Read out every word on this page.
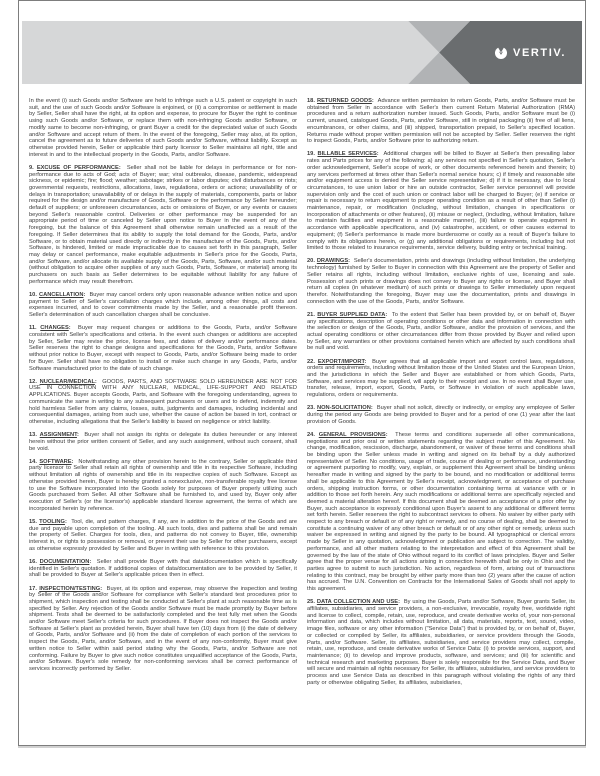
VERTIV.

In the event (i) such Goods and/or Software are held to infringe such a U.S. patent or copyright in such suit, and the use of such Goods and/or Software is enjoined, or (ii) a compromise or settlement is made by Seller, Seller shall have the right, at its option and expense, to procure for Buyer the right to continue using such Goods and/or Software, or replace them with non-infringing Goods and/or Software, or modify same to become non-infringing, or grant Buyer a credit for the depreciated value of such Goods and/or Software and accept return of them. In the event of the foregoing, Seller may also, at its option, cancel the agreement as to future deliveries of such Goods and/or Software, without liability. Except as otherwise provided herein, Seller or applicable third party licensor to Seller maintains all right, title and interest in and to the intellectual property in the Goods, Parts, and/or Software.

9. EXCUSE OF PERFORMANCE: Seller shall not be liable for delays in performance or for non-performance due to acts of God; acts of Buyer; war; viral outbreaks, disease, pandemic, widespread sickness, or epidemic; fire; flood; weather; sabotage; strikes or labor disputes; civil disturbances or riots; governmental requests, restrictions, allocations, laws, regulations, orders or actions; unavailability of or delays in transportation; unavailability of or delays in the supply of materials, components, parts or labor required for the design and/or manufacture of Goods, Software or the performance by Seller hereunder; default of suppliers; or unforeseen circumstances, acts or omissions of Buyer, or any events or causes beyond Seller's reasonable control. Deliveries or other performance may be suspended for an appropriate period of time or canceled by Seller upon notice to Buyer in the event of any of the foregoing, but the balance of this Agreement shall otherwise remain unaffected as a result of the foregoing. If Seller determines that its ability to supply the total demand for the Goods, Parts, and/or Software, or to obtain material used directly or indirectly in the manufacture of the Goods, Parts, and/or Software, is hindered, limited or made impracticable due to causes set forth in this paragraph, Seller may delay or cancel performance, make equitable adjustments in Seller's price for the Goods, Parts, and/or Software, and/or allocate its available supply of the Goods, Parts, Software, and/or such material (without obligation to acquire other supplies of any such Goods, Parts, Software, or material) among its purchasers on such basis as Seller determines to be equitable without liability for any failure of performance which may result therefrom.

10. CANCELLATION: Buyer may cancel orders only upon reasonable advance written notice and upon payment to Seller of Seller's cancellation charges which include, among other things, all costs and expenses incurred, and to cover commitments made by the Seller, and a reasonable profit thereon. Seller's determination of such cancellation charges shall be conclusive.

11. CHANGES: Buyer may request changes or additions to the Goods, Parts, and/or Software consistent with Seller's specifications and criteria. In the event such changes or additions are accepted by Seller, Seller may revise the price, license fees, and dates of delivery and/or performance dates. Seller reserves the right to change designs and specifications for the Goods, Parts, and/or Software without prior notice to Buyer, except with respect to Goods, Parts, and/or Software being made to order for Buyer. Seller shall have no obligation to install or make such change in any Goods, Parts, and/or Software manufactured prior to the date of such change.

12. NUCLEAR/MEDICAL: GOODS, PARTS, AND SOFTWARE SOLD HEREUNDER ARE NOT FOR USE IN CONNECTION WITH ANY NUCLEAR, MEDICAL, LIFE-SUPPORT AND RELATED APPLICATIONS. Buyer accepts Goods, Parts, and Software with the foregoing understanding, agrees to communicate the same in writing to any subsequent purchasers or users and to defend, indemnify and hold harmless Seller from any claims, losses, suits, judgments and damages, including incidental and consequential damages, arising from such use, whether the cause of action be based in tort, contract or otherwise, including allegations that the Seller's liability is based on negligence or strict liability.

13. ASSIGNMENT: Buyer shall not assign its rights or delegate its duties hereunder or any interest herein without the prior written consent of Seller, and any such assignment, without such consent, shall be void.

14. SOFTWARE: Notwithstanding any other provision herein to the contrary, Seller or applicable third party licensor to Seller shall retain all rights of ownership and title in its respective Software, including without limitation all rights of ownership and title in its respective copies of such Software. Except as otherwise provided herein, Buyer is hereby granted a nonexclusive, non-transferable royalty free license to use the Software incorporated into the Goods solely for purposes of Buyer properly utilizing such Goods purchased from Seller. All other Software shall be furnished to, and used by, Buyer only after execution of Seller's (or the licensor's) applicable standard license agreement, the terms of which are incorporated herein by reference.

15. TOOLING: Tool, die, and pattern charges, if any, are in addition to the price of the Goods and are due and payable upon completion of the tooling. All such tools, dies and patterns shall be and remain the property of Seller. Charges for tools, dies, and patterns do not convey to Buyer, title, ownership interest in, or rights to possession or removal, or prevent their use by Seller for other purchasers, except as otherwise expressly provided by Seller and Buyer in writing with reference to this provision.

16. DOCUMENTATION: Seller shall provide Buyer with that data/documentation which is specifically identified in Seller's quotation. If additional copies of data/documentation are to be provided by Seller, it shall be provided to Buyer at Seller's applicable prices then in effect.

17. INSPECTION/TESTING: Buyer, at its option and expense, may observe the inspection and testing by Seller of the Goods and/or Software for compliance with Seller's standard test procedures prior to shipment, which inspection and testing shall be conducted at Seller's plant at such reasonable time as is specified by Seller. Any rejection of the Goods and/or Software must be made promptly by Buyer before shipment. Tests shall be deemed to be satisfactorily completed and the test fully met when the Goods and/or Software meet Seller's criteria for such procedures. If Buyer does not inspect the Goods and/or Software at Seller's plant as provided herein, Buyer shall have ten (10) days from (i) the date of delivery of Goods, Parts, and/or Software and (ii) from the date of completion of each portion of the services to inspect the Goods, Parts, and/or Software, and in the event of any non-conformity, Buyer must give written notice to Seller within said period stating why the Goods, Parts, and/or Software are not conforming. Failure by Buyer to give such notice constitutes unqualified acceptance of the Goods, Parts, and/or Software. Buyer's sole remedy for non-conforming services shall be correct performance of services incorrectly performed by Seller.

18. RETURNED GOODS: Advance written permission to return Goods, Parts, and/or Software must be obtained from Seller in accordance with Seller's then current Return Material Authorization (RMA) procedures and a return authorization number issued. Such Goods, Parts, and/or Software must be (i) current, unused, catalogued Goods, Parts, and/or Software, still in original packaging (ii) free of all liens, encumbrances, or other claims, and (iii) shipped, transportation prepaid, to Seller's specified location. Returns made without proper written permission will not be accepted by Seller. Seller reserves the right to inspect Goods, Parts, and/or Software prior to authorizing return.

19. BILLABLE SERVICES: Additional charges will be billed to Buyer at Seller's then prevailing labor rates and Parts prices for any of the following: a) any services not specified in Seller's quotation, Seller's order acknowledgement, Seller's scope of work, or other documents referenced herein and therein; b) any services performed at times other than Seller's normal service hours; c) if timely and reasonable site and/or equipment access is denied the Seller service representative; d) if it is necessary, due to local circumstances, to use union labor or hire an outside contractor, Seller service personnel will provide supervision only and the cost of such union or contract labor will be charged to Buyer; (e) if service or repair is necessary to return equipment to proper operating condition as a result of other than Seller (i) maintenance, repair, or modification (including, without limitation, changes in specifications or incorporation of attachments or other features), (ii) misuse or neglect, (including, without limitation, failure to maintain facilities and equipment in a reasonable manner), (iii) failure to operate equipment in accordance with applicable specifications, and (iv) catastrophe, accident, or other causes external to equipment; (f) Seller's performance is made more burdensome or costly as a result of Buyer's failure to comply with its obligations herein, or (g) any additional obligations or requirements, including but not limited to those related to insurance requirements, service delivery, building entry or technical training.

20. DRAWINGS: Seller's documentation, prints and drawings (including without limitation, the underlying technology) furnished by Seller to Buyer in connection with this Agreement are the property of Seller and Seller retains all rights, including without limitation, exclusive rights of use, licensing and sale. Possession of such prints or drawings does not convey to Buyer any rights or license, and Buyer shall return all copies (in whatever medium) of such prints or drawings to Seller immediately upon request therefor. Notwithstanding the foregoing, Buyer may use the documentation, prints and drawings in connection with the use of the Goods, Parts, and/or Software.

21. BUYER SUPPLIED DATA: To the extent that Seller has been provided by, or on behalf of, Buyer any specifications, description of operating conditions or other data and information in connection with the selection or design of the Goods, Parts, and/or Software, and/or the provision of services, and the actual operating conditions or other circumstances differ from those provided by Buyer and relied upon by Seller, any warranties or other provisions contained herein which are affected by such conditions shall be null and void.

22. EXPORT/IMPORT: Buyer agrees that all applicable import and export control laws, regulations, orders and requirements, including without limitation those of the United States and the European Union, and the jurisdictions in which the Seller and Buyer are established or from which Goods, Parts, Software, and services may be supplied, will apply to their receipt and use. In no event shall Buyer use, transfer, release, import, export, Goods, Parts, or Software in violation of such applicable laws, regulations, orders or requirements.

23. NON-SOLICITATION: Buyer shall not solicit, directly or indirectly, or employ any employee of Seller during the period any Goods are being provided to Buyer and for a period of one (1) year after the last provision of Goods.

24. GENERAL PROVISIONS: These terms and conditions supersede all other communications, negotiations and prior oral or written statements regarding the subject matter of this Agreement. No change, modification, rescission, discharge, abandonment, or waiver of these terms and conditions shall be binding upon the Seller unless made in writing and signed on its behalf by a duly authorized representative of Seller. No conditions, usage of trade, course of dealing or performance, understanding or agreement purporting to modify, vary, explain, or supplement this Agreement shall be binding unless hereafter made in writing and signed by the party to be bound, and no modification or additional terms shall be applicable to this Agreement by Seller's receipt, acknowledgment, or acceptance of purchase orders, shipping instruction forms, or other documentation containing terms at variance with or in addition to those set forth herein. Any such modifications or additional terms are specifically rejected and deemed a material alteration hereof. If this document shall be deemed an acceptance of a prior offer by Buyer, such acceptance is expressly conditional upon Buyer's assent to any additional or different terms set forth herein. Seller reserves the right to subcontract services to others. No waiver by either party with respect to any breach or default or of any right or remedy, and no course of dealing, shall be deemed to constitute a continuing waiver of any other breach or default or of any other right or remedy, unless such waiver be expressed in writing and signed by the party to be bound. All typographical or clerical errors made by Seller in any quotation, acknowledgment or publication are subject to correction. The validity, performance, and all other matters relating to the interpretation and effect of this Agreement shall be governed by the law of the state of Ohio without regard to its conflict of laws principles. Buyer and Seller agree that the proper venue for all actions arising in connection herewith shall be only in Ohio and the parties agree to submit to such jurisdiction. No action, regardless of form, arising out of transactions relating to this contract, may be brought by either party more than two (2) years after the cause of action has accrued. The U.N. Convention on Contracts for the International Sales of Goods shall not apply to this agreement.

25. DATA COLLECTION AND USE: By using the Goods, Parts and/or Software, Buyer grants Seller, its affiliates, subsidiaries, and service providers, a non-exclusive, irrevocable, royalty free, worldwide right and license to collect, compile, retain, use, reproduce, and create derivative works of, your non-personal information and data, which includes without limitation, all data, materials, reports, text, sound, video, image files, software or any other information ("Service Data") that is provided by, or on behalf of, Buyer, or collected or compiled by Seller, its affiliates, subsidiaries, or service providers through the Goods, Parts, and/or Software. Seller, its affiliates, subsidiaries, and service providers may collect, compile, retain, use, reproduce, and create derivative works of Service Data: (i) to provide services, support, and maintenance; (ii) to develop and improve products, software, and services; and (iii) for scientific and technical research and marketing purposes. Buyer is solely responsible for the Service Data, and Buyer will secure and maintain all rights necessary for Seller, its affiliates, subsidiaries, and service providers to process and use Service Data as described in this paragraph without violating the rights of any third party or otherwise obligating Seller, its affiliates, subsidiaries,
